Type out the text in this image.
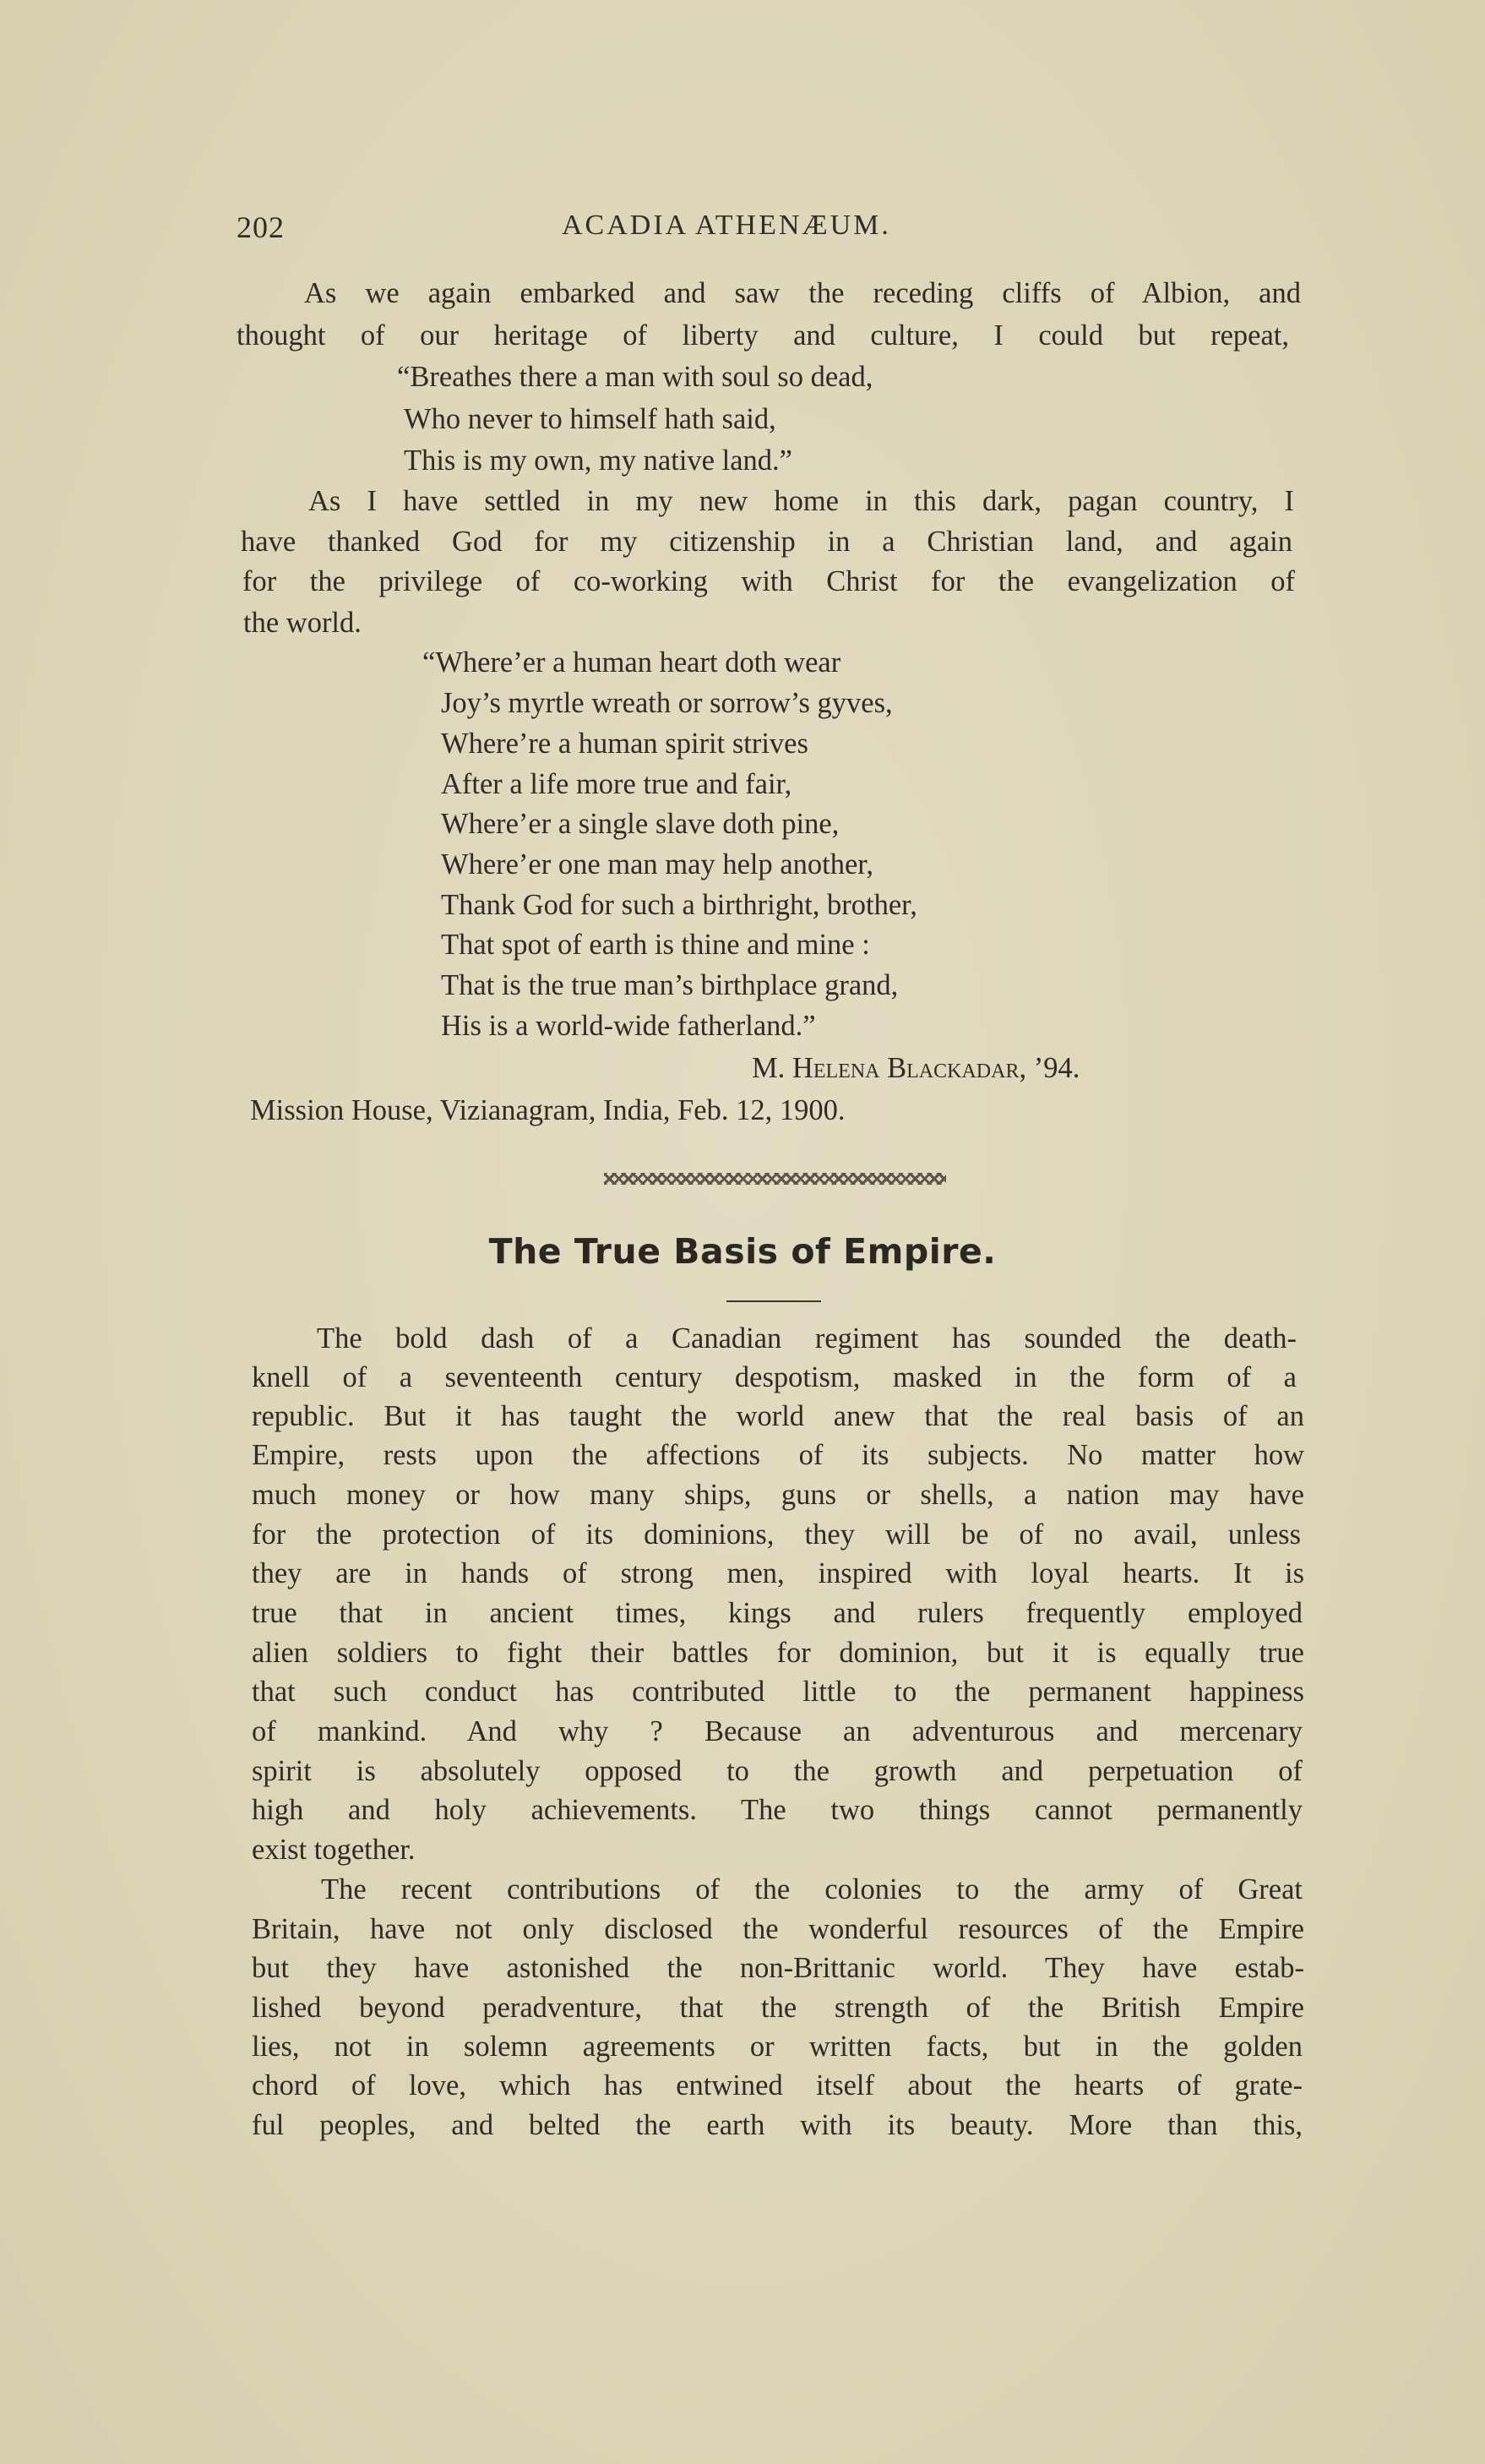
202	ACADIA ATHENÆUM.
As we again embarked and saw the receding cliffs of Albion, and
thought of our heritage of liberty and culture, I could but repeat,
“Breathes there a man with soul so dead,
Who never to himself hath said,
This is my own, my native land.”
As I have settled in my new home in this dark, pagan country, I
have thanked God for my citizenship in a Christian land, and again
for the privilege of co-working with Christ for the evangelization of
the world.
“Where’er a human heart doth wear
Joy’s myrtle wreath or sorrow’s gyves,
Where’re a human spirit strives
After a life more true and fair,
Where’er a single slave doth pine,
Where’er one man may help another,
Thank God for such a birthright, brother,
That spot of earth is thine and mine :
That is the true man’s birthplace grand,
His is a world-wide fatherland.”
M. Helena Blackadar, ’94.
Mission House, Vizianagram, India, Feb. 12, 1900.
The True Basis of Empire.
The bold dash of a Canadian regiment has sounded the death-
knell of a seventeenth century despotism, masked in the form of a
republic. But it has taught the world anew that the real basis of an
Empire, rests upon the affections of its subjects. No matter how
much money or how many ships, guns or shells, a nation may have
for the protection of its dominions, they will be of no avail, unless
they are in hands of strong men, inspired with loyal hearts. It is
true that in ancient times, kings and rulers frequently employed
alien soldiers to fight their battles for dominion, but it is equally true
that such conduct has contributed little to the permanent happiness
of mankind. And why ? Because an adventurous and mercenary
spirit is absolutely opposed to the growth and perpetuation of
high and holy achievements. The two things cannot permanently
exist together.
The recent contributions of the colonies to the army of Great
Britain, have not only disclosed the wonderful resources of the Empire
but they have astonished the non-Brittanic world. They have estab-
lished beyond peradventure, that the strength of the British Empire
lies, not in solemn agreements or written facts, but in the golden
chord of love, which has entwined itself about the hearts of grate-
ful peoples, and belted the earth with its beauty. More than this,
